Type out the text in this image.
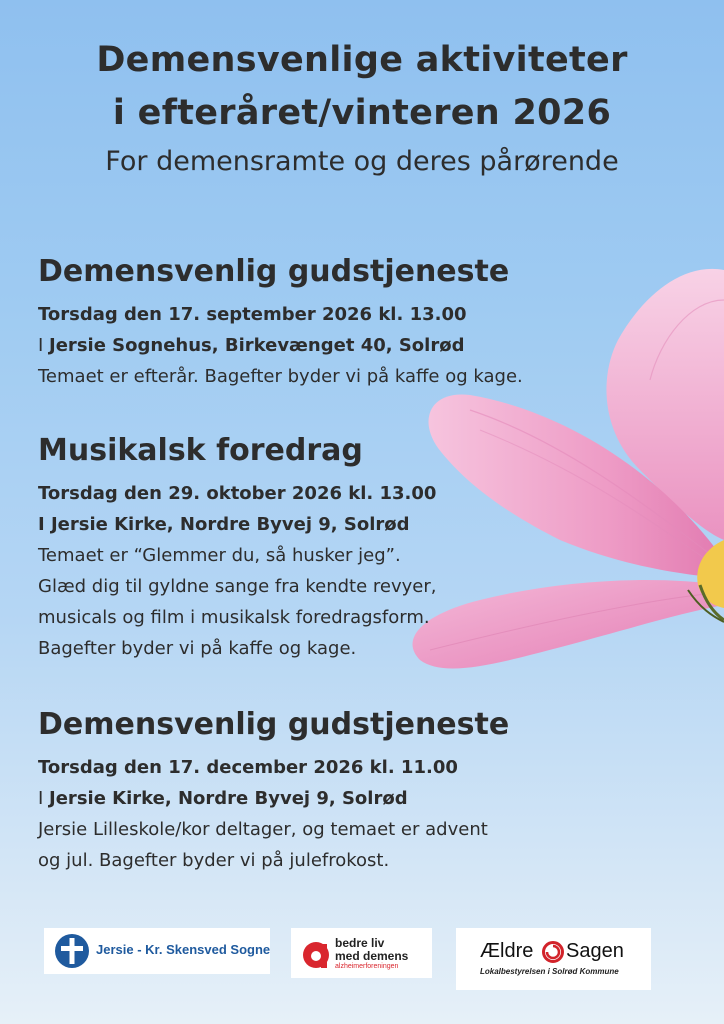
Demensvenlige aktiviteter

i efteråret/vinteren 2026

For demensramte og deres pårørende

Demensvenlig gudstjeneste
Torsdag den 17. september 2026 kl. 13.00
I Jersie Sognehus, Birkevænget 40, Solrød
Temaet er efterår. Bagefter byder vi på kaffe og kage.
Musikalsk foredrag
Torsdag den 29. oktober 2026 kl. 13.00
I Jersie Kirke, Nordre Byvej 9, Solrød
Temaet er “Glemmer du, så husker jeg”.
Glæd dig til gyldne sange fra kendte revyer,
musicals og film i musikalsk foredragsform.
Bagefter byder vi på kaffe og kage.
Demensvenlig gudstjeneste
Torsdag den 17. december 2026 kl. 11.00
I Jersie Kirke, Nordre Byvej 9, Solrød
Jersie Lilleskole/kor deltager, og temaet er advent
og jul. Bagefter byder vi på julefrokost.
Jersie - Kr. Skensved Sogne	bedre liv
med demens
alzheimerforeningen
Ældre Sagen
Lokalbestyrelsen i Solrød Kommune
